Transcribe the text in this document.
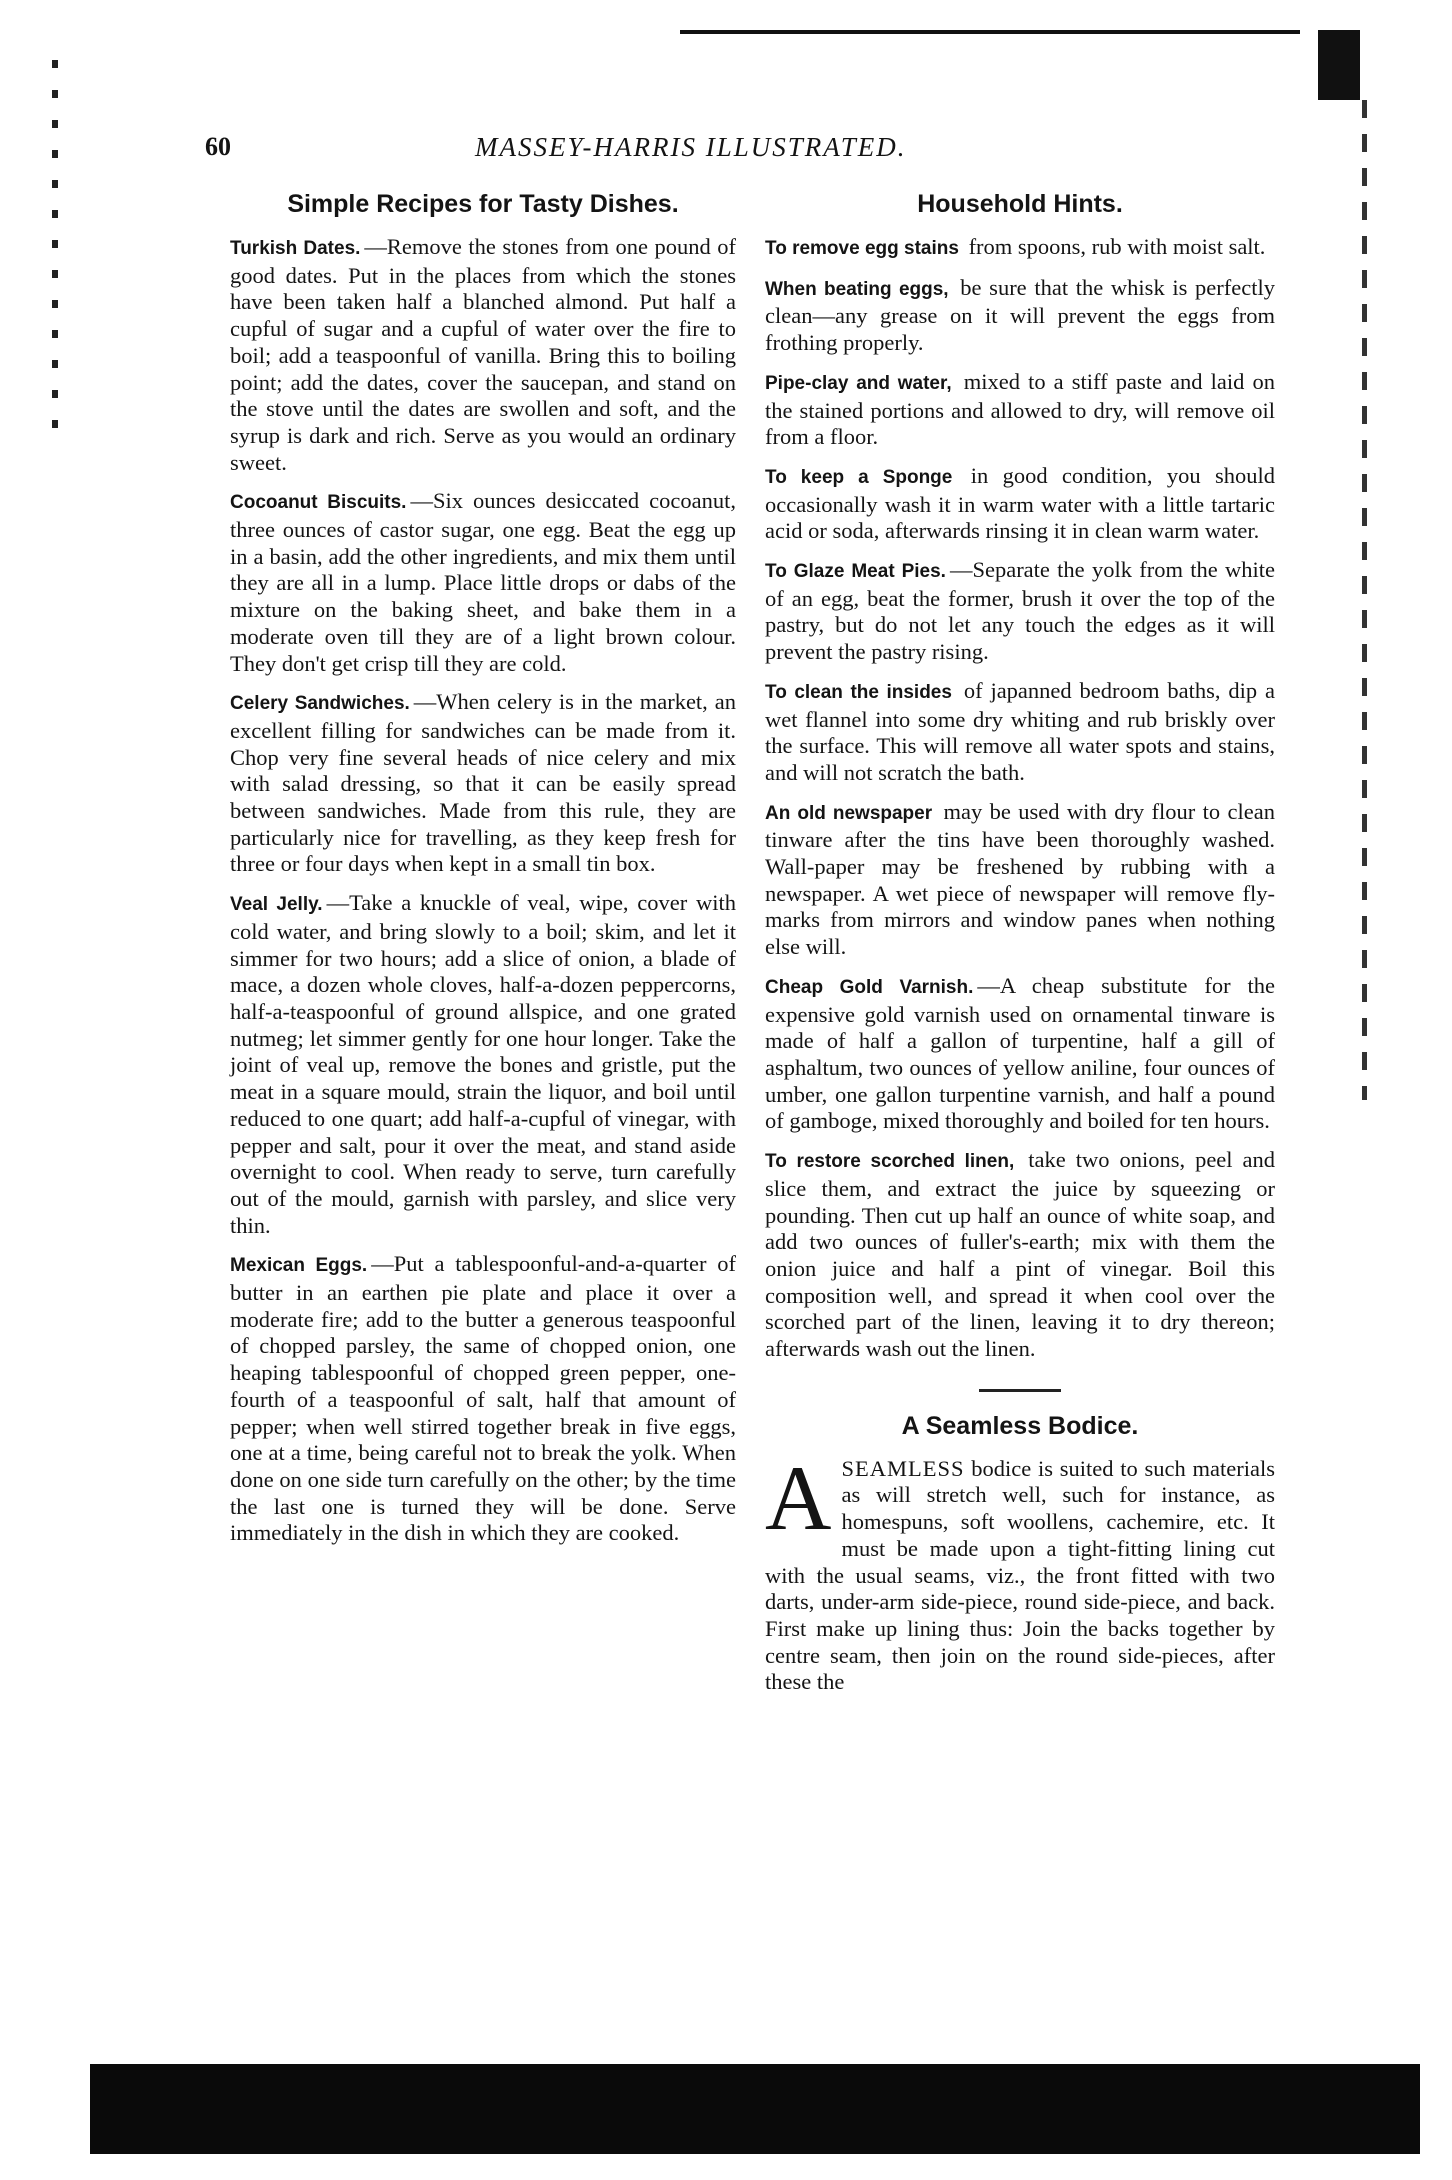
60	MASSEY-HARRIS ILLUSTRATED.
Simple Recipes for Tasty Dishes.

Turkish Dates. —Remove the stones from one pound of good dates. Put in the places from which the stones have been taken half a blanched almond. Put half a cupful of sugar and a cupful of water over the fire to boil; add a teaspoonful of vanilla. Bring this to boiling point; add the dates, cover the saucepan, and stand on the stove until the dates are swollen and soft, and the syrup is dark and rich. Serve as you would an ordinary sweet.

Cocoanut Biscuits. —Six ounces desiccated cocoanut, three ounces of castor sugar, one egg. Beat the egg up in a basin, add the other ingredients, and mix them until they are all in a lump. Place little drops or dabs of the mixture on the baking sheet, and bake them in a moderate oven till they are of a light brown colour. They don't get crisp till they are cold.

Celery Sandwiches. —When celery is in the market, an excellent filling for sandwiches can be made from it. Chop very fine several heads of nice celery and mix with salad dressing, so that it can be easily spread between sandwiches. Made from this rule, they are particularly nice for travelling, as they keep fresh for three or four days when kept in a small tin box.

Veal Jelly. —Take a knuckle of veal, wipe, cover with cold water, and bring slowly to a boil; skim, and let it simmer for two hours; add a slice of onion, a blade of mace, a dozen whole cloves, half-a-dozen peppercorns, half-a-teaspoonful of ground allspice, and one grated nutmeg; let simmer gently for one hour longer. Take the joint of veal up, remove the bones and gristle, put the meat in a square mould, strain the liquor, and boil until reduced to one quart; add half-a-cupful of vinegar, with pepper and salt, pour it over the meat, and stand aside overnight to cool. When ready to serve, turn carefully out of the mould, garnish with parsley, and slice very thin.

Mexican Eggs. —Put a tablespoonful-and-a-quarter of butter in an earthen pie plate and place it over a moderate fire; add to the butter a generous teaspoonful of chopped parsley, the same of chopped onion, one heaping tablespoonful of chopped green pepper, one-fourth of a teaspoonful of salt, half that amount of pepper; when well stirred together break in five eggs, one at a time, being careful not to break the yolk. When done on one side turn carefully on the other; by the time the last one is turned they will be done. Serve immediately in the dish in which they are cooked.

Household Hints.

To remove egg stains from spoons, rub with moist salt.

When beating eggs, be sure that the whisk is perfectly clean—any grease on it will prevent the eggs from frothing properly.

Pipe-clay and water, mixed to a stiff paste and laid on the stained portions and allowed to dry, will remove oil from a floor.

To keep a Sponge in good condition, you should occasionally wash it in warm water with a little tartaric acid or soda, afterwards rinsing it in clean warm water.

To Glaze Meat Pies. —Separate the yolk from the white of an egg, beat the former, brush it over the top of the pastry, but do not let any touch the edges as it will prevent the pastry rising.

To clean the insides of japanned bedroom baths, dip a wet flannel into some dry whiting and rub briskly over the surface. This will remove all water spots and stains, and will not scratch the bath.

An old newspaper may be used with dry flour to clean tinware after the tins have been thoroughly washed. Wall-paper may be freshened by rubbing with a newspaper. A wet piece of newspaper will remove fly-marks from mirrors and window panes when nothing else will.

Cheap Gold Varnish. —A cheap substitute for the expensive gold varnish used on ornamental tinware is made of half a gallon of turpentine, half a gill of asphaltum, two ounces of yellow aniline, four ounces of umber, one gallon turpentine varnish, and half a pound of gamboge, mixed thoroughly and boiled for ten hours.

To restore scorched linen, take two onions, peel and slice them, and extract the juice by squeezing or pounding. Then cut up half an ounce of white soap, and add two ounces of fuller's-earth; mix with them the onion juice and half a pint of vinegar. Boil this composition well, and spread it when cool over the scorched part of the linen, leaving it to dry thereon; afterwards wash out the linen.

A Seamless Bodice.

ASEAMLESS bodice is suited to such materials as will stretch well, such for instance, as homespuns, soft woollens, cachemire, etc. It must be made upon a tight-fitting lining cut with the usual seams, viz., the front fitted with two darts, under-arm side-piece, round side-piece, and back. First make up lining thus: Join the backs together by centre seam, then join on the round side-pieces, after these the
